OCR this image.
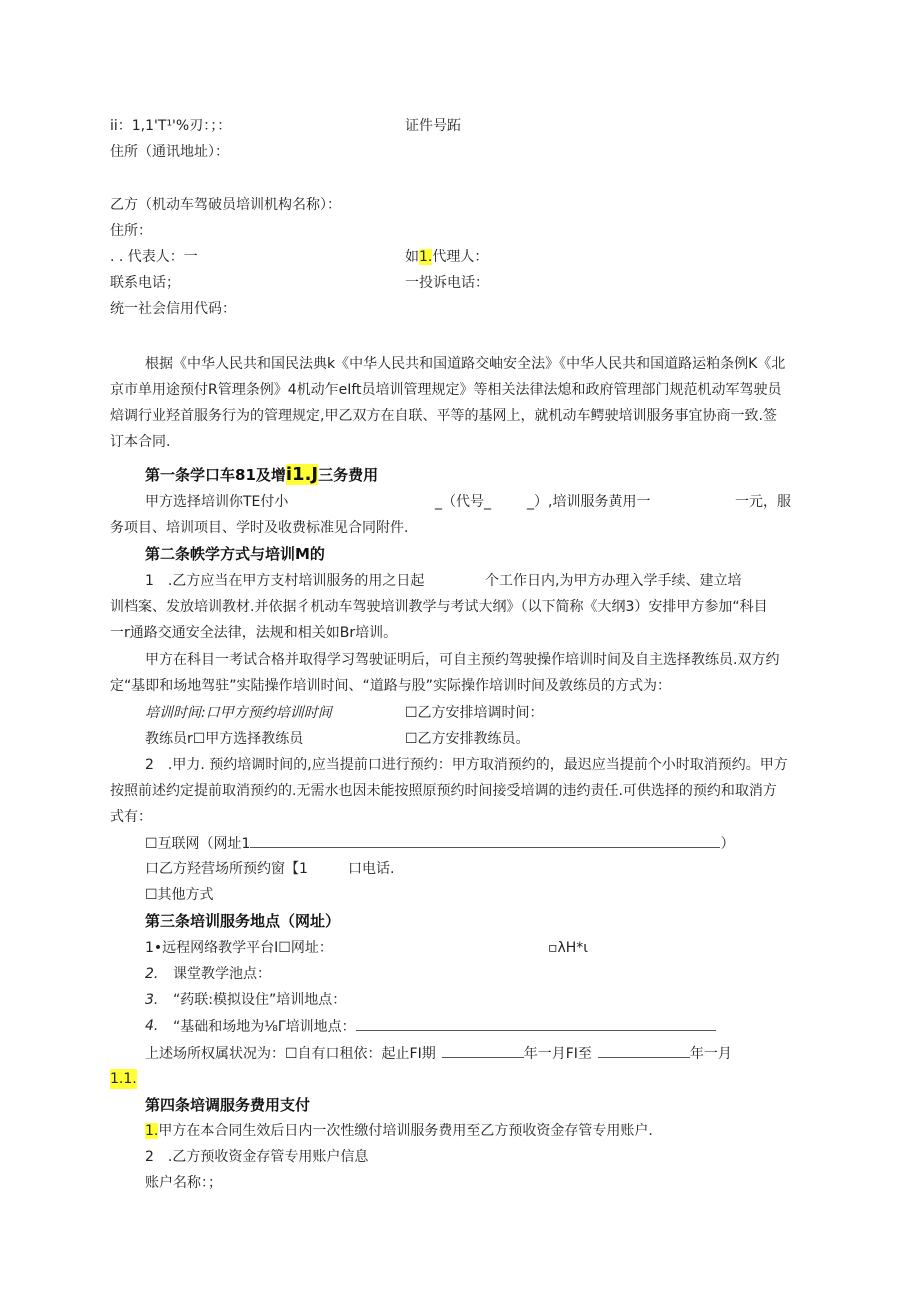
ii：1,1'T¹'%刃：；：	证件号跖
住所（通讯地址）：
乙方（机动车驾破员培训机构名称）：
住所：
. . 代表人：一	如1.代理人：
联系电话；	一投诉电话：
统一社会信用代码：
根据《中华人民共和国民法典k《中华人民共和国道路交岫安全法》《中华人民共和国道路运粕条例K《北
京市单用途预付R管理条例》4机动乍eIft员培训管理规定》等相关法律法熄和政府管理部门规范机动军驾驶员
焙调行业羟首服务行为的管理规定,甲乙双方在自联、平等的基网上，就机动车鳄驶培训服务事宜协商一致.签
订本合同.
第一条学口车81及增i1.J三务费用
甲方选择培训你TE付小	_（代号_	_）,培训服务黄用一	一元，服
务项目、培训项目、学时及收费标准见合同附件.
第二条帙学方式与培训M的
1　.乙方应当在甲方支村培训服务的用之日起	个工作日内,为甲方办理入学手续、建立培
训档案、发放培训教材.并依据彳机动车驾驶培训教学与考试大纲》（以下简称《大纲3）安排甲方参加“科目
一r通路交通安全法律，法规和相关如Br培训。
甲方在科目一考试合格并取得学习驾驶证明后，可自主预约驾驶操作培训时间及自主选择教练员.双方约
定“基即和场地驾驻”实陆操作培训时间、“道路与股”实际操作培训时间及敦练员的方式为：
培训时间:口甲方预约培训时间	☐乙方安排培调时间：
教练员r☐甲方选择教练员	☐乙方安排教练员。
2　.甲力. 预约培调时间的,应当提前口进行预约：甲方取消预约的，最迟应当提前个小时取消预约。甲方
按照前述约定提前取消预约的.无需水也因未能按照原预约时间接受培调的违约责任.可供选择的预约和取消方
式有：
☐互联网（网址1	）
口乙方羟营场所预约窗【1	口电话.
☐其他方式
第三条培训服务地点（网址）
1•远程网络教学平台I☐网址：	▫λH*ι
2. 课堂教学池点：
3. “药联:模拟设住”培训地点：
4. “基础和场地为⅛Γ培训地点：
上述场所权属状况为：☐自有口租依：起止FI期	年一月FI至	年一月
1.1.
第四条培调服务费用支付
1.甲方在本合同生效后日内一次性缴付培训服务费用至乙方预收资金存管专用账户.
2　.乙方预收资金存管专用账户信息
账户名称：；
